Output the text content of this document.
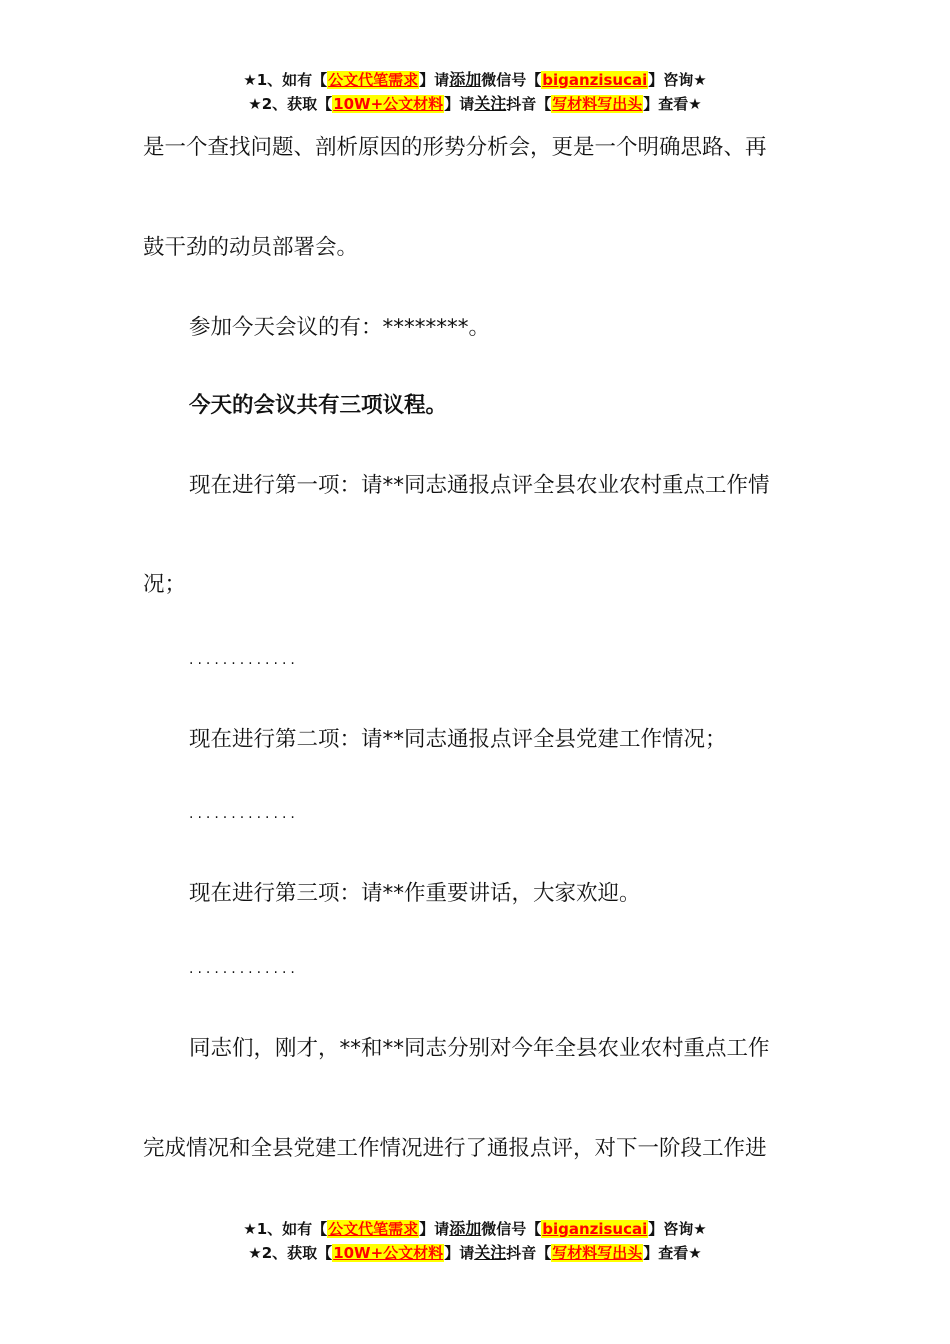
★1、如有【公文代笔需求】请添加微信号【biganzisucai】咨询★
★2、获取【10W+公文材料】请关注抖音【写材料写出头】查看★
是一个查找问题、剖析原因的形势分析会，更是一个明确思路、再
鼓干劲的动员部署会。
参加今天会议的有：********。
今天的会议共有三项议程。
现在进行第一项：请**同志通报点评全县农业农村重点工作情
况；
.............
现在进行第二项：请**同志通报点评全县党建工作情况；
.............
现在进行第三项：请**作重要讲话，大家欢迎。
.............
同志们，刚才，**和**同志分别对今年全县农业农村重点工作
完成情况和全县党建工作情况进行了通报点评，对下一阶段工作进
★1、如有【公文代笔需求】请添加微信号【biganzisucai】咨询★
★2、获取【10W+公文材料】请关注抖音【写材料写出头】查看★
